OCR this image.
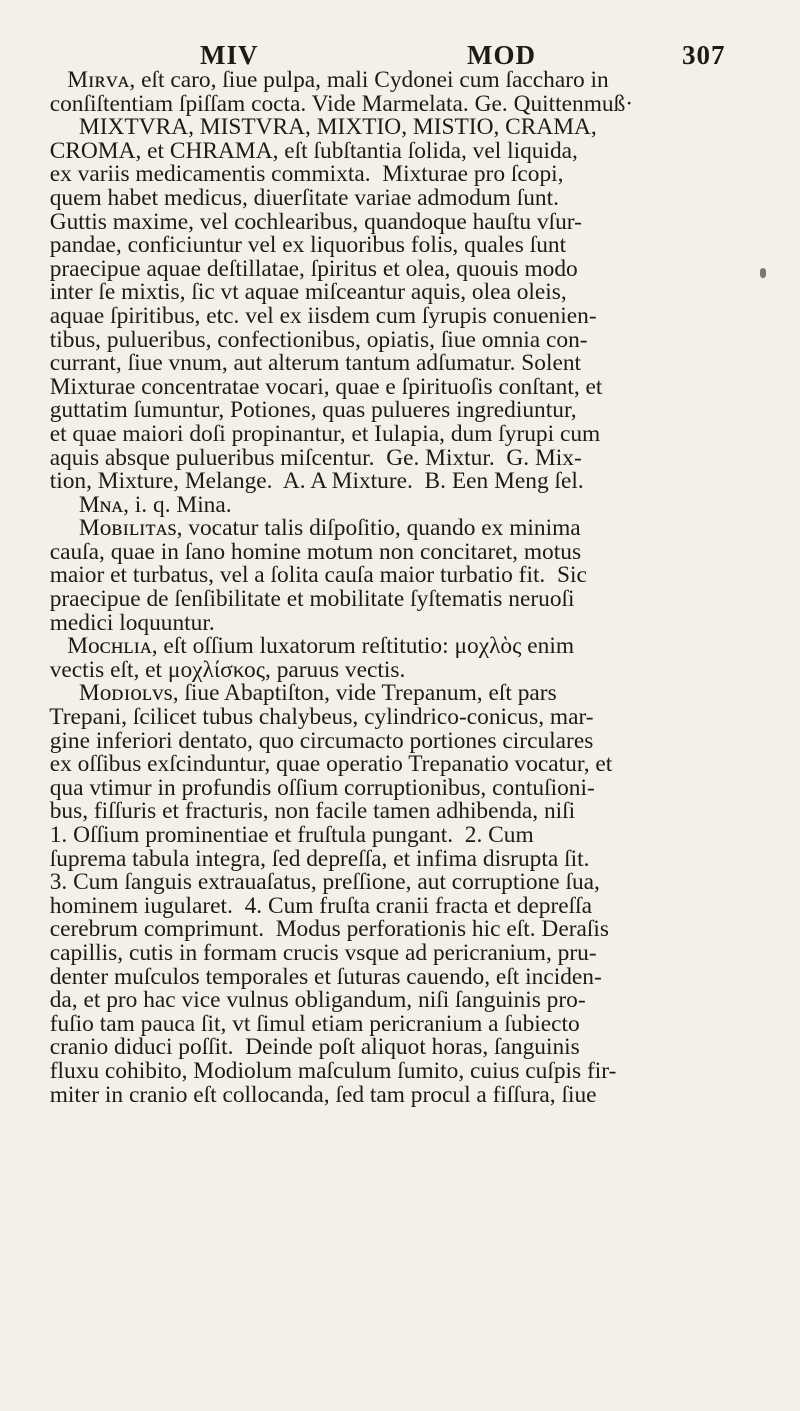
MIV	MOD	307
Mɪʀᴠᴀ, eſt caro, ſiue pulpa, mali Cydonei cum ſaccharo in
conſiſtentiam ſpiſſam cocta. Vide Marmelata. Ge. Quittenmuß·
MIXTVRA, MISTVRA, MIXTIO, MISTIO, CRAMA,
CROMA, et CHRAMA, eſt ſubſtantia ſolida, vel liquida,
ex variis medicamentis commixta.  Mixturae pro ſcopi,
quem habet medicus, diuerſitate variae admodum ſunt.
Guttis maxime, vel cochlearibus, quandoque hauſtu vſur-
pandae, conficiuntur vel ex liquoribus folis, quales ſunt
praecipue aquae deſtillatae, ſpiritus et olea, quouis modo
inter ſe mixtis, ſic vt aquae miſceantur aquis, olea oleis,
aquae ſpiritibus, etc. vel ex iisdem cum ſyrupis conuenien-
tibus, pulueribus, confectionibus, opiatis, ſiue omnia con-
currant, ſiue vnum, aut alterum tantum adſumatur. Solent
Mixturae concentratae vocari, quae e ſpirituoſis conſtant, et
guttatim ſumuntur, Potiones, quas pulueres ingrediuntur,
et quae maiori doſi propinantur, et Iulapia, dum ſyrupi cum
aquis absque pulueribus miſcentur.  Ge. Mixtur.  G. Mix-
tion, Mixture, Melange.  A. A Mixture.  B. Een Meng ſel.
Mɴᴀ, i. q. Mina.
Mᴏʙɪʟɪᴛᴀs, vocatur talis diſpoſitio, quando ex minima
cauſa, quae in ſano homine motum non concitaret, motus
maior et turbatus, vel a ſolita cauſa maior turbatio fit.  Sic
praecipue de ſenſibilitate et mobilitate ſyſtematis neruoſi
medici loquuntur.
Mᴏᴄʜʟɪᴀ, eſt oſſium luxatorum reſtitutio: μοχλὸς enim
vectis eſt, et μοχλίσκος, paruus vectis.
Mᴏᴅɪᴏʟᴠs, ſiue Abaptiſton, vide Trepanum, eſt pars
Trepani, ſcilicet tubus chalybeus, cylindrico-conicus, mar-
gine inferiori dentato, quo circumacto portiones circulares
ex oſſibus exſcinduntur, quae operatio Trepanatio vocatur, et
qua vtimur in profundis oſſium corruptionibus, contuſioni-
bus, fiſſuris et fracturis, non facile tamen adhibenda, niſi
1. Oſſium prominentiae et fruſtula pungant.  2. Cum
ſuprema tabula integra, ſed depreſſa, et infima disrupta ſit.
3. Cum ſanguis extrauaſatus, preſſione, aut corruptione ſua,
hominem iugularet.  4. Cum fruſta cranii fracta et depreſſa
cerebrum comprimunt.  Modus perforationis hic eſt. Deraſis
capillis, cutis in formam crucis vsque ad pericranium, pru-
denter muſculos temporales et ſuturas cauendo, eſt inciden-
da, et pro hac vice vulnus obligandum, niſi ſanguinis pro-
fuſio tam pauca ſit, vt ſimul etiam pericranium a ſubiecto
cranio diduci poſſit.  Deinde poſt aliquot horas, ſanguinis
fluxu cohibito, Modiolum maſculum ſumito, cuius cuſpis fir-
miter in cranio eſt collocanda, ſed tam procul a fiſſura, ſiue
